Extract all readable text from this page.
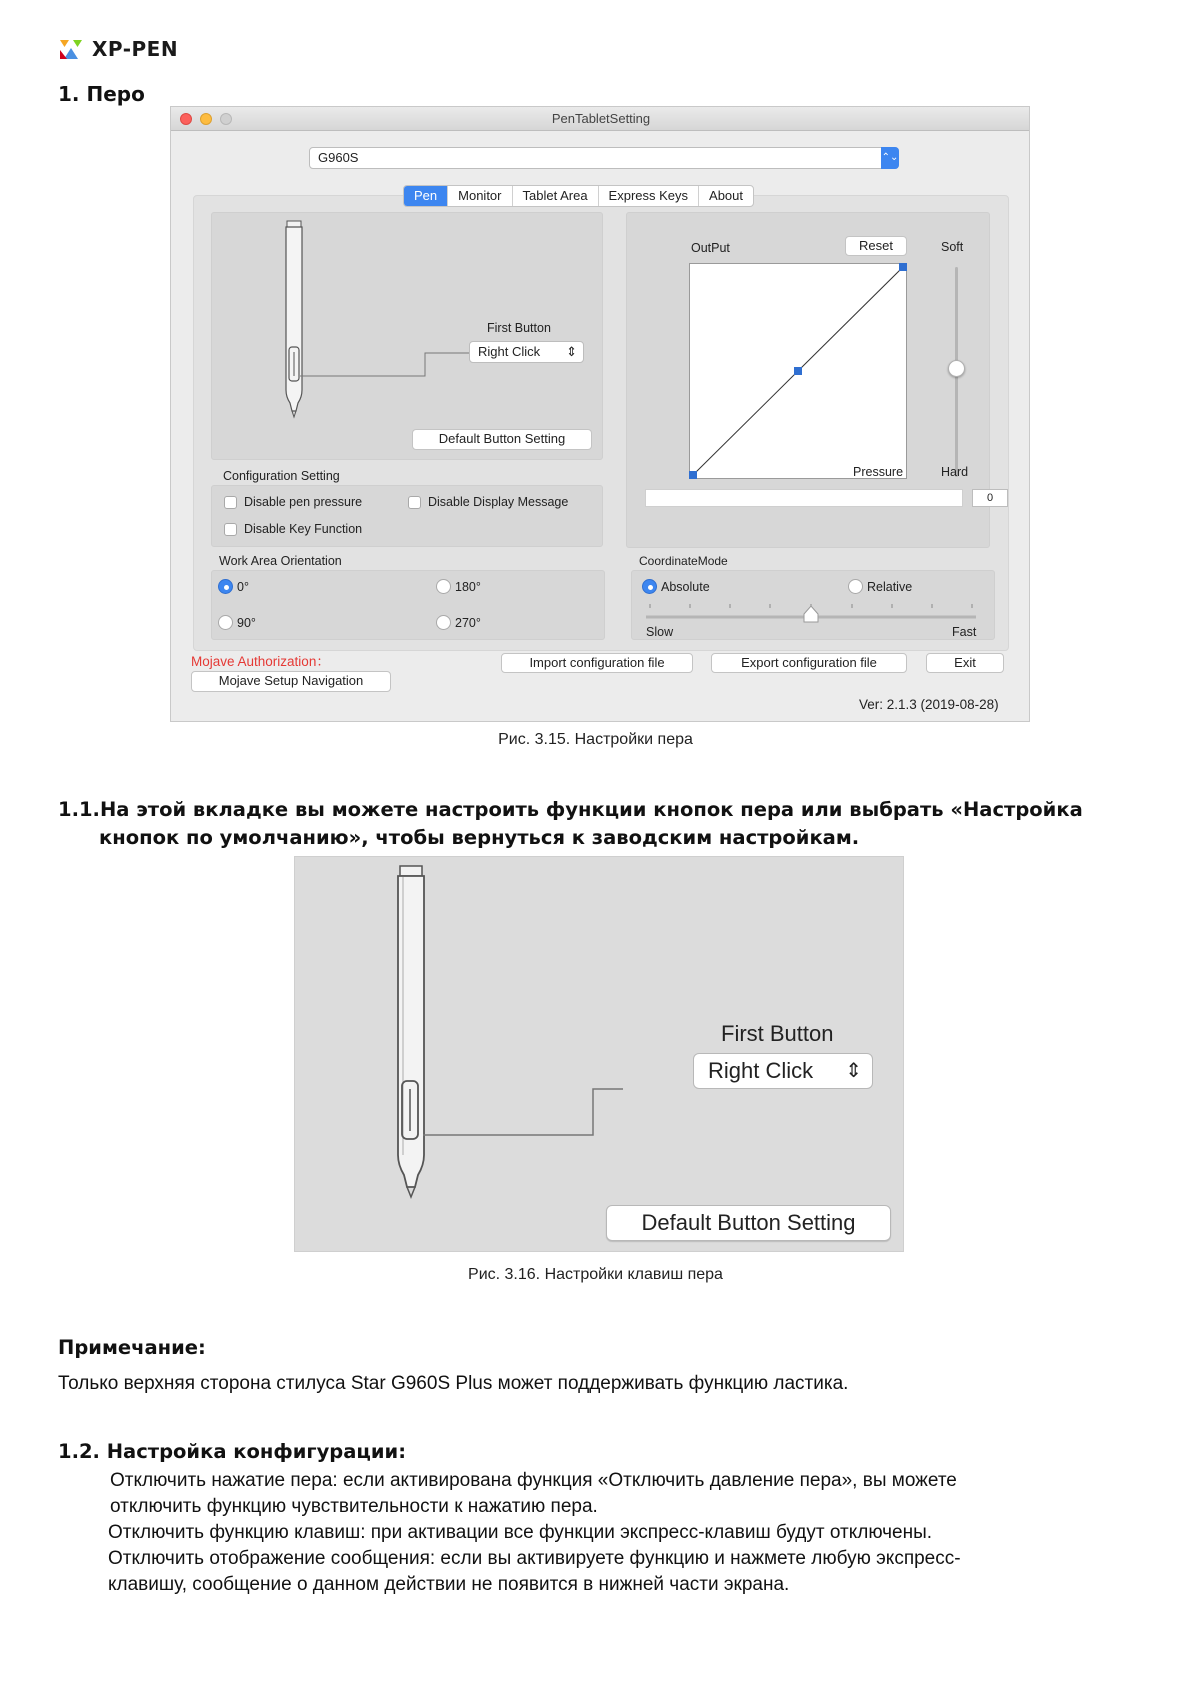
XP-PEN
1. Перо
PenTabletSetting
G960S	⌃⌄
Pen	Monitor	Tablet Area	Express Keys	About
First Button
Right Click ⇕
Default Button Setting
Configuration Setting
Disable pen pressure	Disable Display Message
Disable Key Function
Work Area Orientation
0°	180°
90°	270°
OutPut	Reset	Soft
Pressure	Hard
0
CoordinateMode
Absolute	Relative
Slow	Fast
Mojave Authorization：
Mojave Setup Navigation
Import configuration file	Export configuration file	Exit
Ver: 2.1.3 (2019-08-28)
Рис. 3.15. Настройки пера
1.1.На этой вкладке вы можете настроить функции кнопок пера или выбрать «Настройка
кнопок по умолчанию», чтобы вернуться к заводским настройкам.
First Button
Right Click ⇕
Default Button Setting
Рис. 3.16. Настройки клавиш пера
Примечание:
Только верхняя сторона стилуса Star G960S Plus может поддерживать функцию ластика.
1.2. Настройка конфигурации:
Отключить нажатие пера: если активирована функция «Отключить давление пера», вы можете
отключить функцию чувствительности к нажатию пера.
Отключить функцию клавиш: при активации все функции экспресс-клавиш будут отключены.
Отключить отображение сообщения: если вы активируете функцию и нажмете любую экспресс-
клавишу, сообщение о данном действии не появится в нижней части экрана.
